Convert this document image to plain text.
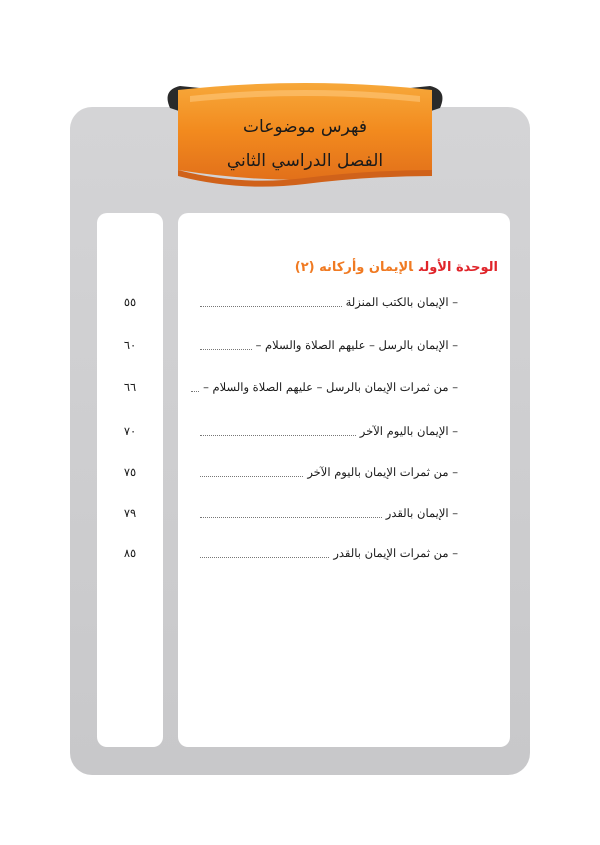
فهرس موضوعات
الفصل الدراسي الثاني
الوحدة الأولىالإيمان وأركانه (٢)
– الإيمان بالكتب المنزلة
٥٥
– الإيمان بالرسل – عليهم الصلاة والسلام –
٦٠
– من ثمرات الإيمان بالرسل – عليهم الصلاة والسلام –
٦٦
– الإيمان باليوم الآخر
٧٠
– من ثمرات الإيمان باليوم الآخر
٧٥
– الإيمان بالقدر
٧٩
– من ثمرات الإيمان بالقدر
٨٥
